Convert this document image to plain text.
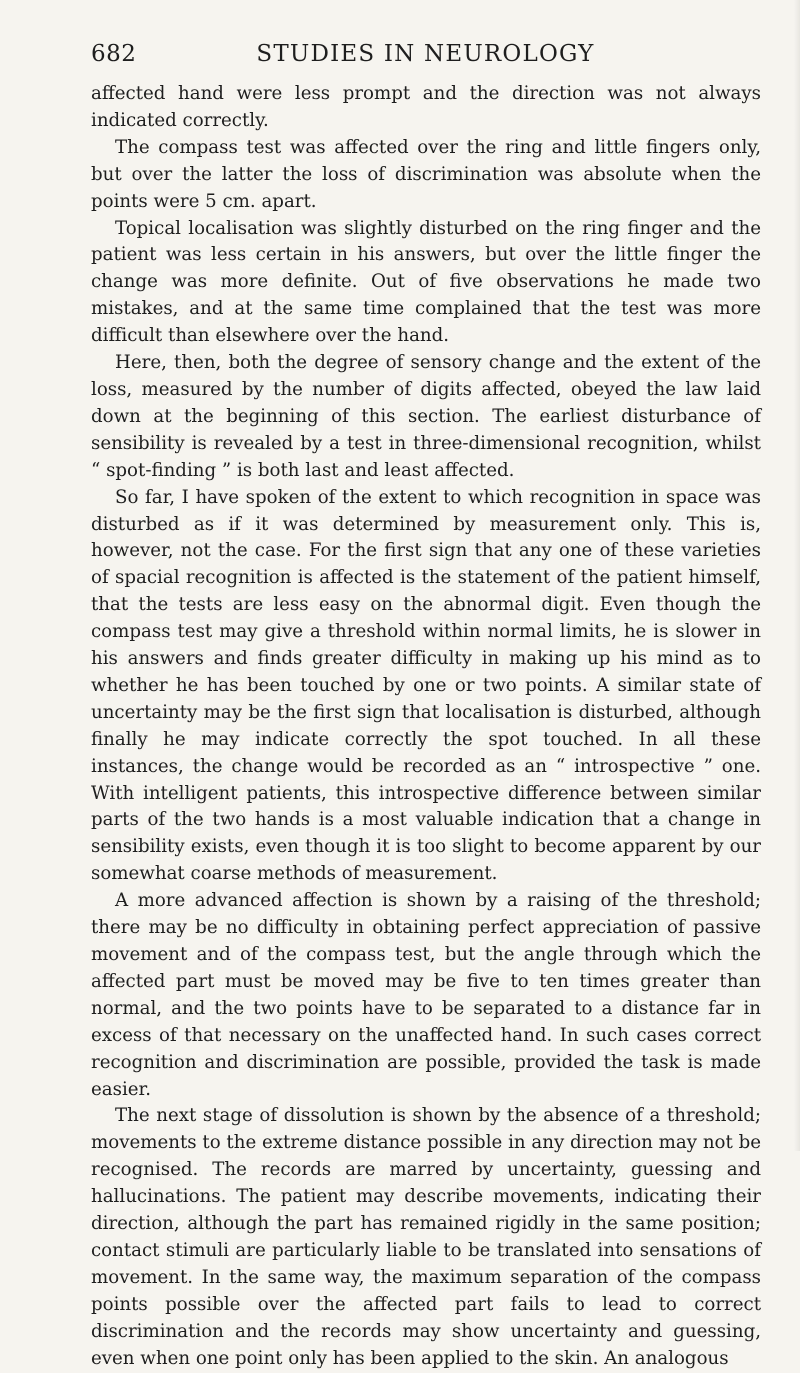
682	STUDIES IN NEUROLOGY

affected hand were less prompt and the direction was not always indicated correctly.

The compass test was affected over the ring and little fingers only, but over the latter the loss of discrimination was absolute when the points were 5 cm. apart.

Topical localisation was slightly disturbed on the ring finger and the patient was less certain in his answers, but over the little finger the change was more definite. Out of five observations he made two mistakes, and at the same time complained that the test was more difficult than elsewhere over the hand.

Here, then, both the degree of sensory change and the extent of the loss, measured by the number of digits affected, obeyed the law laid down at the beginning of this section. The earliest disturbance of sensibility is revealed by a test in three-dimensional recognition, whilst “ spot-finding ” is both last and least affected.

So far, I have spoken of the extent to which recognition in space was disturbed as if it was determined by measurement only. This is, however, not the case. For the first sign that any one of these varieties of spacial recognition is affected is the statement of the patient himself, that the tests are less easy on the abnormal digit. Even though the compass test may give a threshold within normal limits, he is slower in his answers and finds greater difficulty in making up his mind as to whether he has been touched by one or two points. A similar state of uncertainty may be the first sign that localisation is disturbed, although finally he may indicate correctly the spot touched. In all these instances, the change would be recorded as an “ introspective ” one. With intelligent patients, this introspective difference between similar parts of the two hands is a most valuable indication that a change in sensibility exists, even though it is too slight to become apparent by our somewhat coarse methods of measurement.

A more advanced affection is shown by a raising of the threshold; there may be no difficulty in obtaining perfect appreciation of passive movement and of the compass test, but the angle through which the affected part must be moved may be five to ten times greater than normal, and the two points have to be separated to a distance far in excess of that necessary on the unaffected hand. In such cases correct recognition and discrimination are possible, provided the task is made easier.

The next stage of dissolution is shown by the absence of a threshold; movements to the extreme distance possible in any direction may not be recognised. The records are marred by uncertainty, guessing and hallucinations. The patient may describe movements, indicating their direction, although the part has remained rigidly in the same position; contact stimuli are particularly liable to be translated into sensations of movement. In the same way, the maximum separation of the compass points possible over the affected part fails to lead to correct discrimination and the records may show uncertainty and guessing, even when one point only has been applied to the skin. An analogous
